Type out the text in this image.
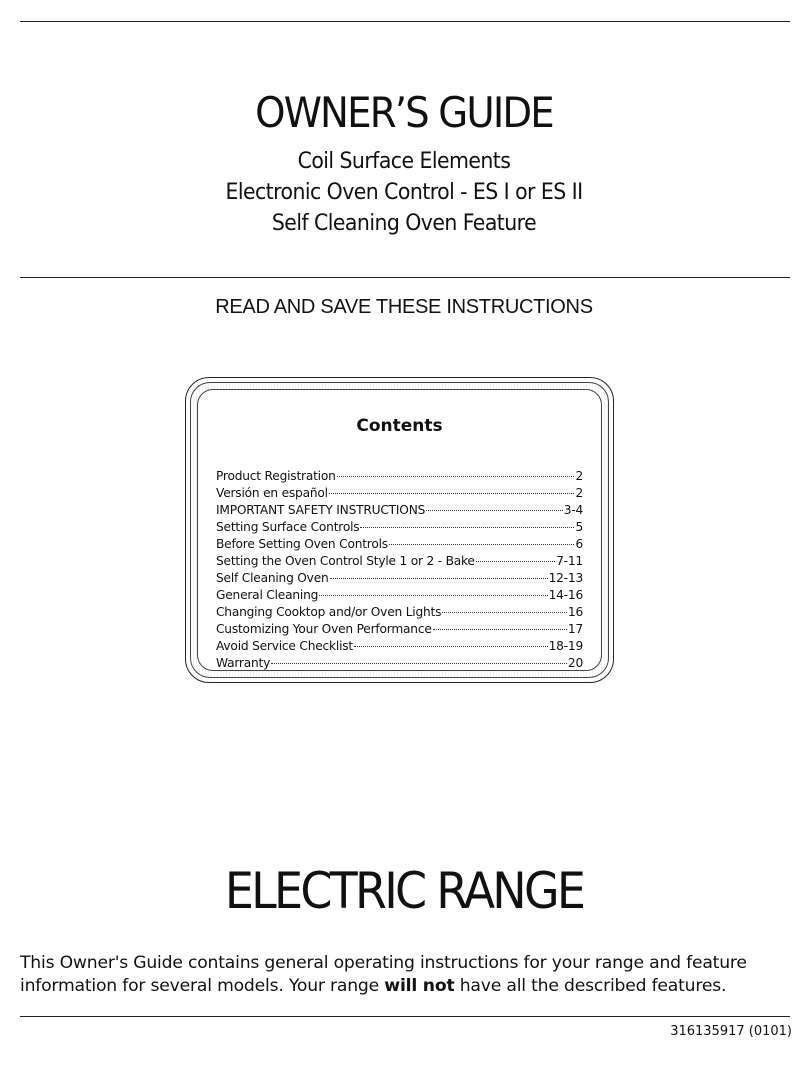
OWNER’S GUIDE
Coil Surface Elements
Electronic Oven Control - ES I or ES II
Self Cleaning Oven Feature
READ AND SAVE THESE INSTRUCTIONS
Contents
Product Registration	2
Versión en español	2
IMPORTANT SAFETY INSTRUCTIONS	3-4
Setting Surface Controls	5
Before Setting Oven Controls	6
Setting the Oven Control Style 1 or 2 - Bake	7-11
Self Cleaning Oven	12-13
General Cleaning	14-16
Changing Cooktop and/or Oven Lights	16
Customizing Your Oven Performance	17
Avoid Service Checklist	18-19
Warranty	20
ELECTRIC RANGE
This Owner's Guide contains general operating instructions for your range and feature information for several models. Your range will not have all the described features.
316135917 (0101)
